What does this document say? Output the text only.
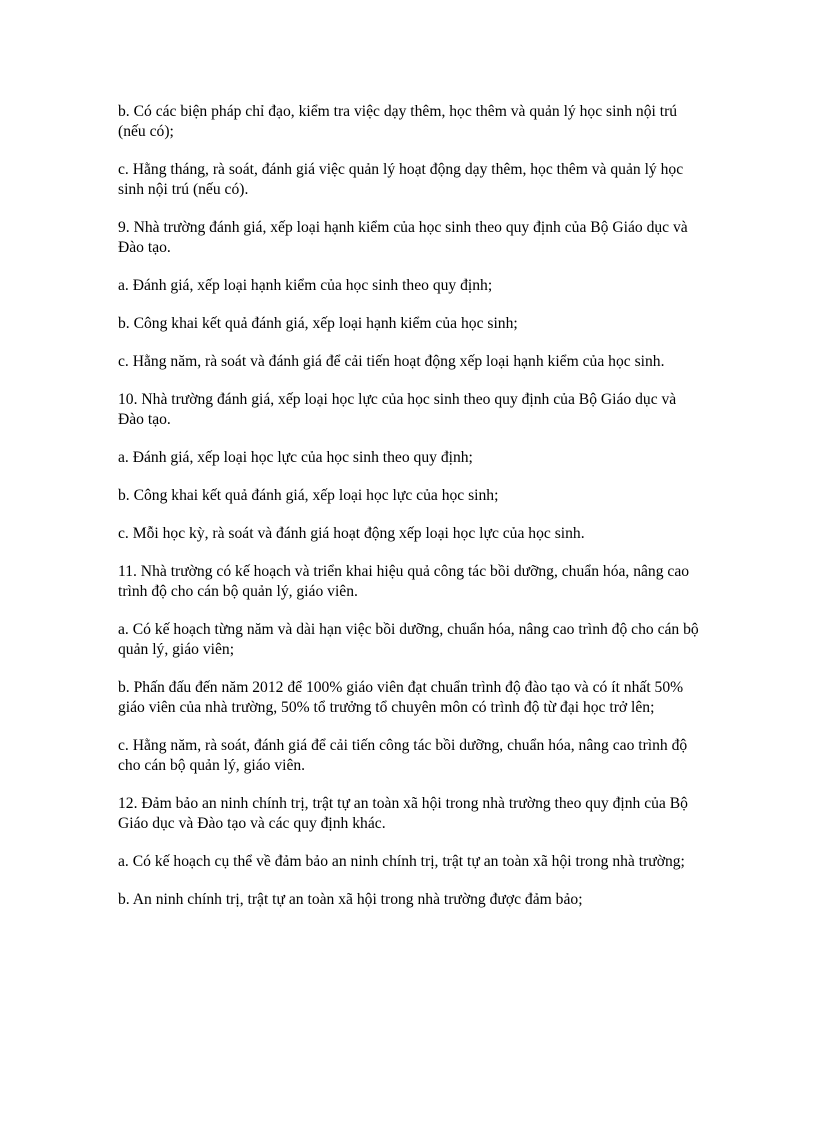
b. Có các biện pháp chỉ đạo, kiểm tra việc dạy thêm, học thêm và quản lý học sinh nội trú (nếu có);

c. Hằng tháng, rà soát, đánh giá việc quản lý hoạt động dạy thêm, học thêm và quản lý học sinh nội trú (nếu có).

9. Nhà trường đánh giá, xếp loại hạnh kiểm của học sinh theo quy định của Bộ Giáo dục và Đào tạo.

a. Đánh giá, xếp loại hạnh kiểm của học sinh theo quy định;

b. Công khai kết quả đánh giá, xếp loại hạnh kiểm của học sinh;

c. Hằng năm, rà soát và đánh giá để cải tiến hoạt động xếp loại hạnh kiểm của học sinh.

10. Nhà trường đánh giá, xếp loại học lực của học sinh theo quy định của Bộ Giáo dục và Đào tạo.

a. Đánh giá, xếp loại học lực của học sinh theo quy định;

b. Công khai kết quả đánh giá, xếp loại học lực của học sinh;

c. Mỗi học kỳ, rà soát và đánh giá hoạt động xếp loại học lực của học sinh.

11. Nhà trường có kế hoạch và triển khai hiệu quả công tác bồi dưỡng, chuẩn hóa, nâng cao trình độ cho cán bộ quản lý, giáo viên.

a. Có kế hoạch từng năm và dài hạn việc bồi dưỡng, chuẩn hóa, nâng cao trình độ cho cán bộ quản lý, giáo viên;

b. Phấn đấu đến năm 2012 để 100% giáo viên đạt chuẩn trình độ đào tạo và có ít nhất 50% giáo viên của nhà trường, 50% tổ trưởng tổ chuyên môn có trình độ từ đại học trở lên;

c. Hằng năm, rà soát, đánh giá để cải tiến công tác bồi dưỡng, chuẩn hóa, nâng cao trình độ cho cán bộ quản lý, giáo viên.

12. Đảm bảo an ninh chính trị, trật tự an toàn xã hội trong nhà trường theo quy định của Bộ Giáo dục và Đào tạo và các quy định khác.

a. Có kế hoạch cụ thể về đảm bảo an ninh chính trị, trật tự an toàn xã hội trong nhà trường;

b. An ninh chính trị, trật tự an toàn xã hội trong nhà trường được đảm bảo;
